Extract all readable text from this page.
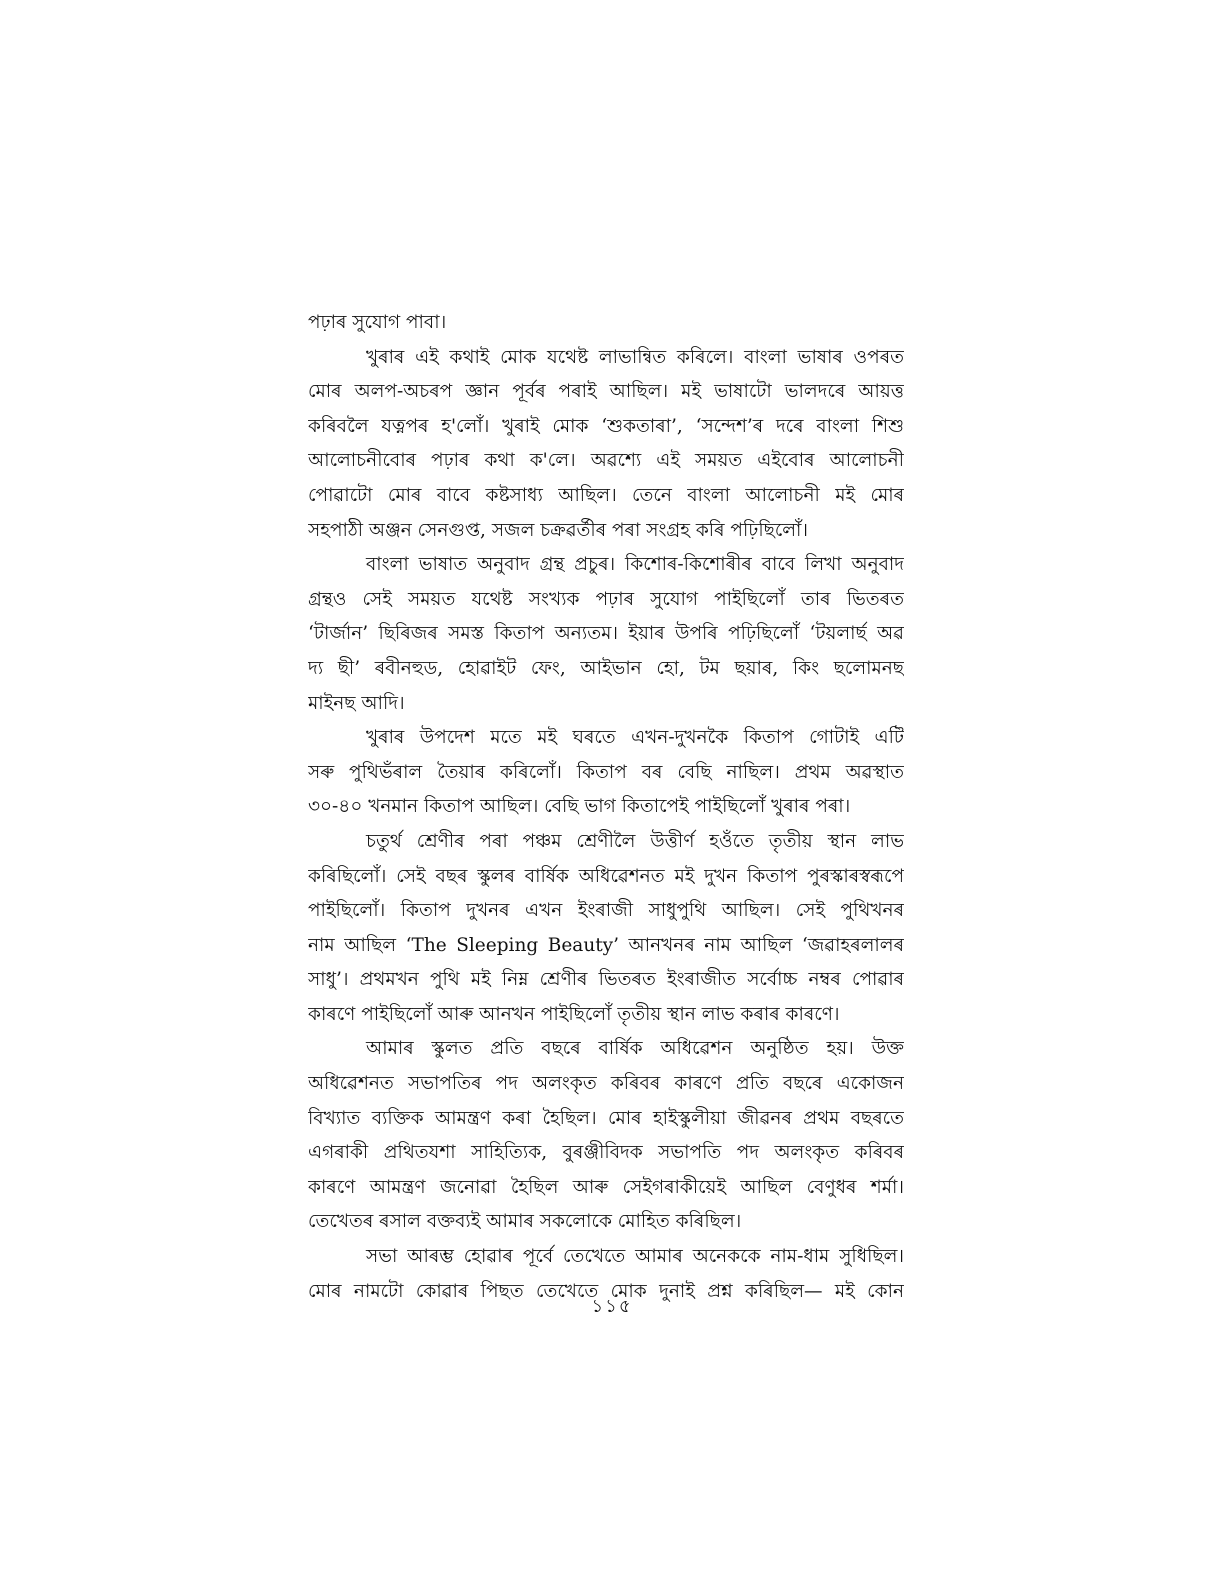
পঢ়াৰ সুযোগ পাবা।
খুৰাৰ এই কথাই মোক যথেষ্ট লাভান্বিত কৰিলে। বাংলা ভাষাৰ ওপৰত
মোৰ অলপ-অচৰপ জ্ঞান পূৰ্বৰ পৰাই আছিল। মই ভাষাটো ভালদৰে আয়ত্ত
কৰিবলৈ যত্নপৰ হ'লোঁ। খুৰাই মোক ‘শুকতাৰা’, ‘সন্দেশ’ৰ দৰে বাংলা শিশু
আলোচনীবোৰ পঢ়াৰ কথা ক'লে। অৱশ্যে এই সময়ত এইবোৰ আলোচনী
পোৱাটো মোৰ বাবে কষ্টসাধ্য আছিল। তেনে বাংলা আলোচনী মই মোৰ
সহপাঠী অঞ্জন সেনগুপ্ত, সজল চক্ৰৱৰ্তীৰ পৰা সংগ্ৰহ কৰি পঢ়িছিলোঁ।
বাংলা ভাষাত অনুবাদ গ্ৰন্থ প্ৰচুৰ। কিশোৰ-কিশোৰীৰ বাবে লিখা অনুবাদ
গ্ৰন্থও সেই সময়ত যথেষ্ট সংখ্যক পঢ়াৰ সুযোগ পাইছিলোঁ তাৰ ভিতৰত
‘টাৰ্জান’ ছিৰিজৰ সমস্ত কিতাপ অন্যতম। ইয়াৰ উপৰি পঢ়িছিলোঁ ‘টয়লাৰ্ছ অৱ
দ্য ছী’ ৰবীনহুড, হোৱাইট ফেং, আইভান হো, টম ছয়াৰ, কিং ছলোমনছ
মাইনছ আদি।
খুৰাৰ উপদেশ মতে মই ঘৰতে এখন-দুখনকৈ কিতাপ গোটাই এটি
সৰু পুথিভঁৰাল তৈয়াৰ কৰিলোঁ। কিতাপ বৰ বেছি নাছিল। প্ৰথম অৱস্থাত
৩০-৪০ খনমান কিতাপ আছিল। বেছি ভাগ কিতাপেই পাইছিলোঁ খুৰাৰ পৰা।
চতুৰ্থ শ্ৰেণীৰ পৰা পঞ্চম শ্ৰেণীলৈ উত্তীৰ্ণ হওঁতে তৃতীয় স্থান লাভ
কৰিছিলোঁ। সেই বছৰ স্কুলৰ বাৰ্ষিক অধিৱেশনত মই দুখন কিতাপ পুৰস্কাৰস্বৰূপে
পাইছিলোঁ। কিতাপ দুখনৰ এখন ইংৰাজী সাধুপুথি আছিল। সেই পুথিখনৰ
নাম আছিল ‘The Sleeping Beauty’ আনখনৰ নাম আছিল ‘জৱাহৰলালৰ
সাধু’। প্ৰথমখন পুথি মই নিম্ন শ্ৰেণীৰ ভিতৰত ইংৰাজীত সৰ্বোচ্চ নম্বৰ পোৱাৰ
কাৰণে পাইছিলোঁ আৰু আনখন পাইছিলোঁ তৃতীয় স্থান লাভ কৰাৰ কাৰণে।
আমাৰ স্কুলত প্ৰতি বছৰে বাৰ্ষিক অধিৱেশন অনুষ্ঠিত হয়। উক্ত
অধিৱেশনত সভাপতিৰ পদ অলংকৃত কৰিবৰ কাৰণে প্ৰতি বছৰে একোজন
বিখ্যাত ব্যক্তিক আমন্ত্ৰণ কৰা হৈছিল। মোৰ হাইস্কুলীয়া জীৱনৰ প্ৰথম বছৰতে
এগৰাকী প্ৰথিতযশা সাহিত্যিক, বুৰঞ্জীবিদক সভাপতি পদ অলংকৃত কৰিবৰ
কাৰণে আমন্ত্ৰণ জনোৱা হৈছিল আৰু সেইগৰাকীয়েই আছিল বেণুধৰ শৰ্মা।
তেখেতৰ ৰসাল বক্তব্যই আমাৰ সকলোকে মোহিত কৰিছিল।
সভা আৰম্ভ হোৱাৰ পূৰ্বে তেখেতে আমাৰ অনেককে নাম-ধাম সুধিছিল।
মোৰ নামটো কোৱাৰ পিছত তেখেতে মোক দুনাই প্ৰশ্ন কৰিছিল— মই কোন
১১৫
